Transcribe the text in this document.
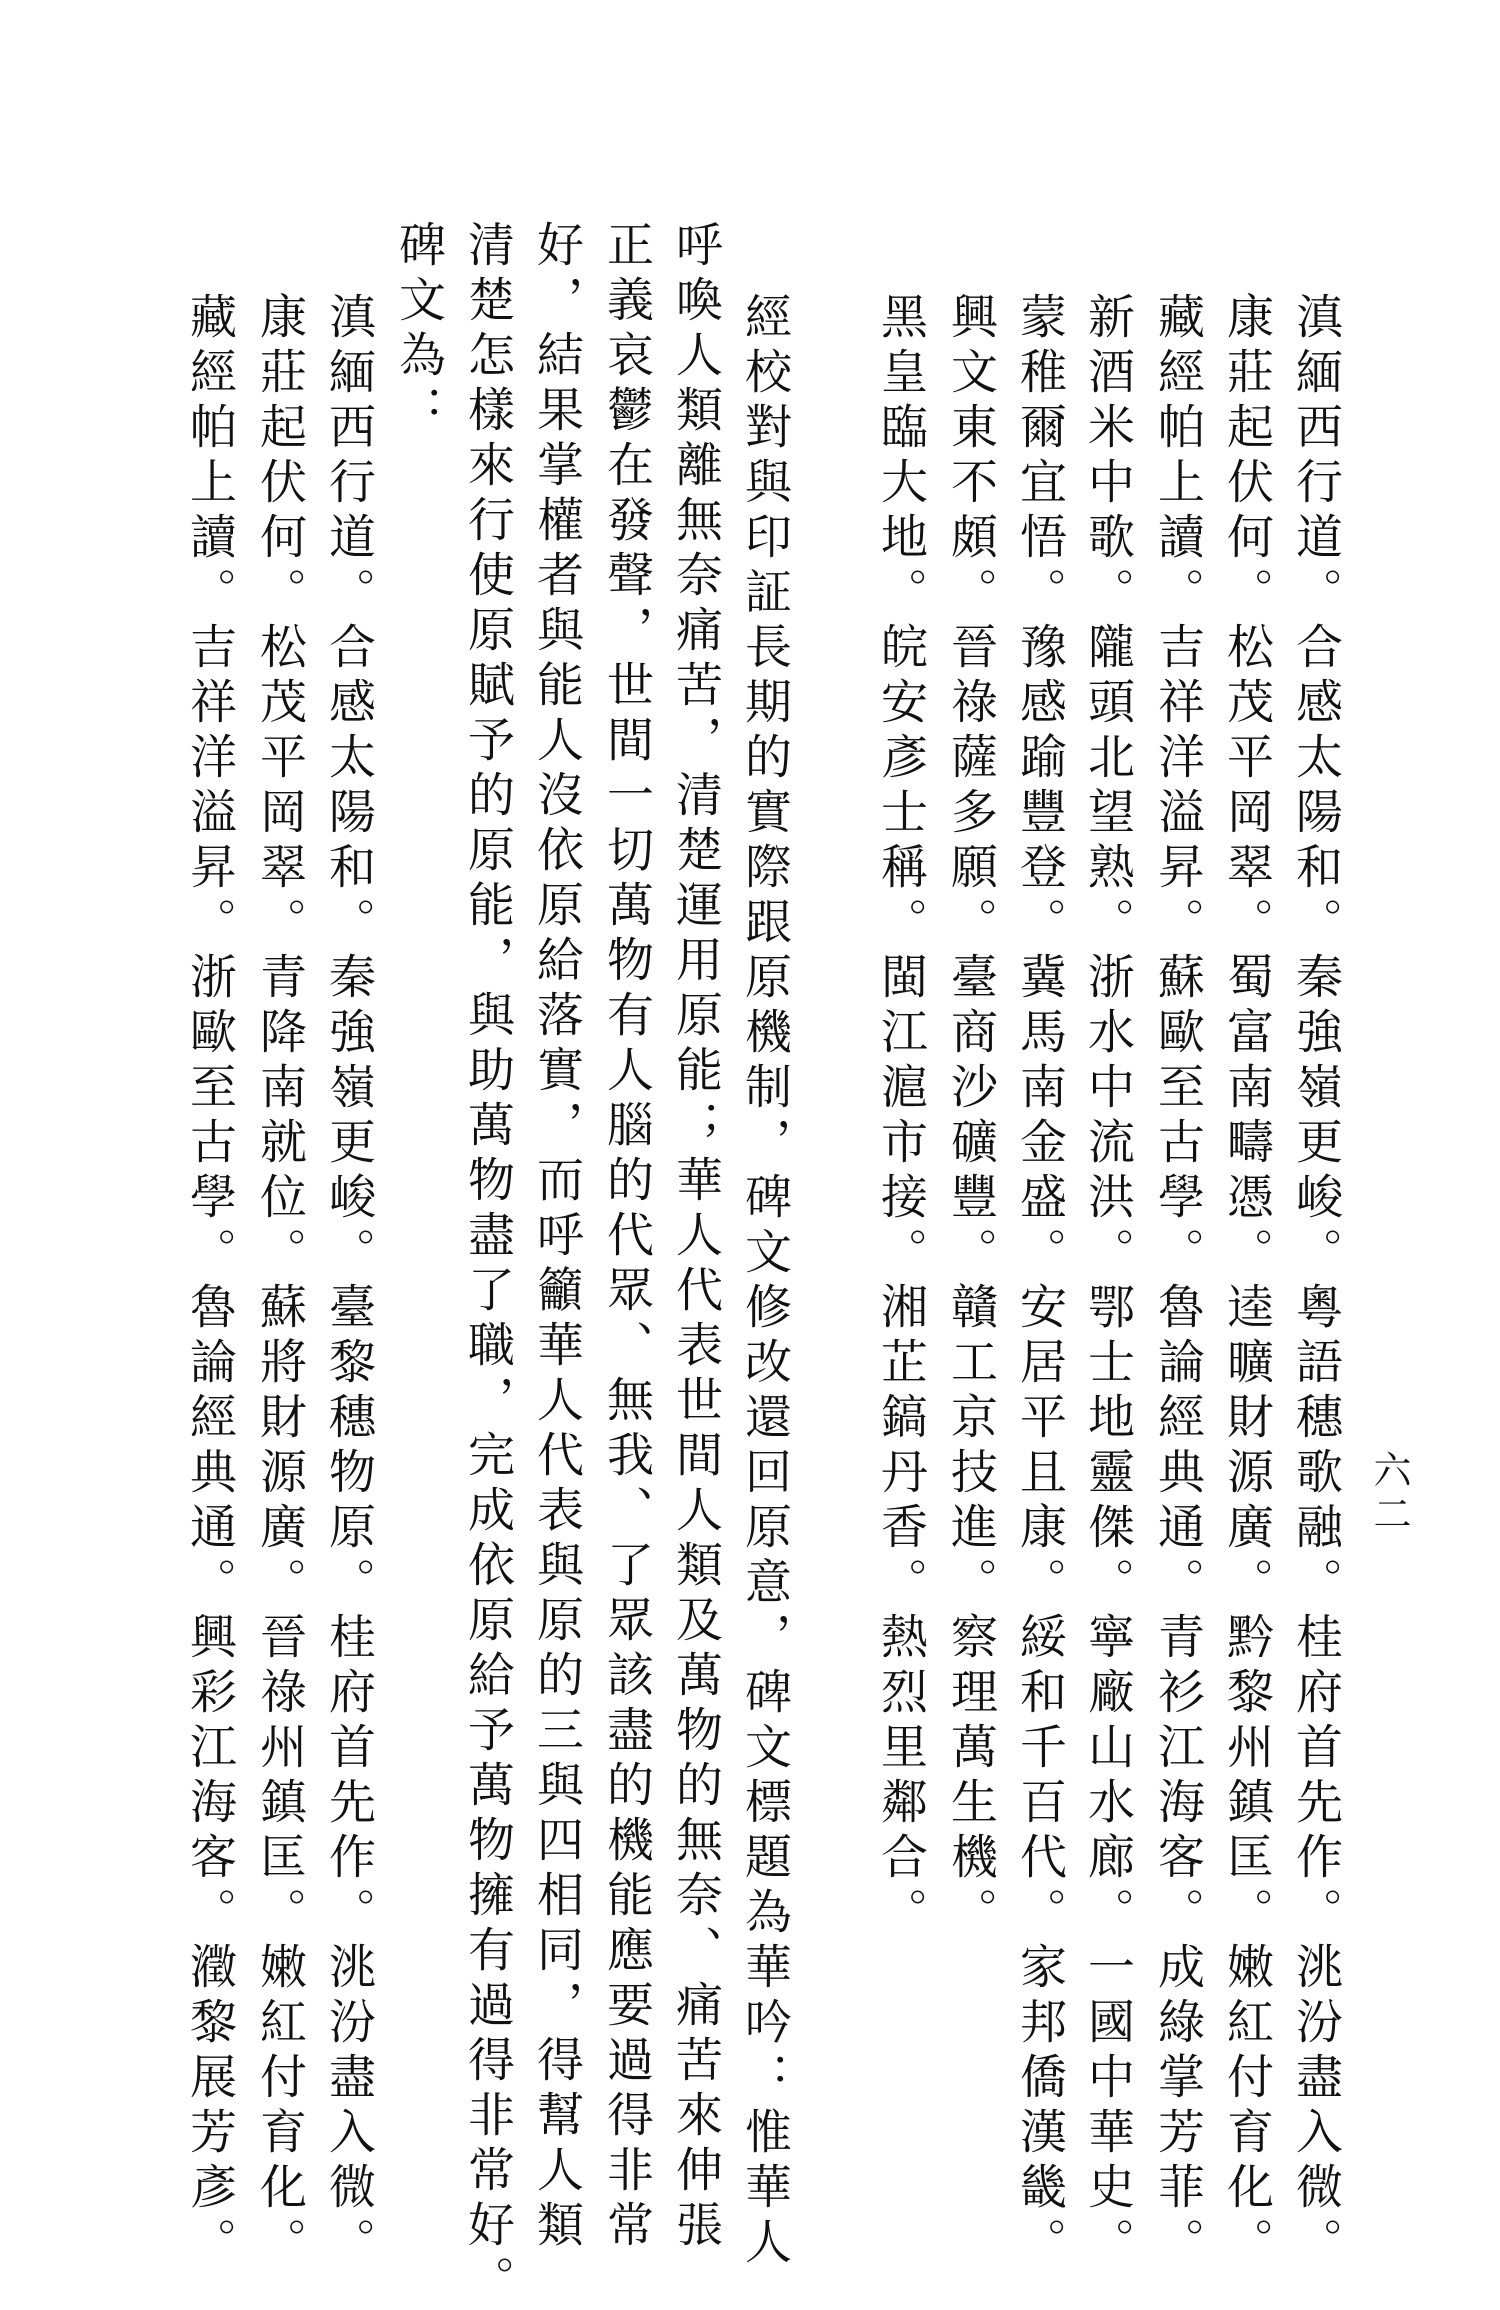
六二
滇緬西行道。合感太陽和。秦強嶺更峻。粵語穗歌融。桂府首先作。洮汾盡入微。
康莊起伏何。松茂平岡翠。蜀富南疇憑。逵曠財源廣。黔黎州鎮匡。嫩紅付育化。
藏經帕上讀。吉祥洋溢昇。蘇歐至古學。魯論經典通。青衫江海客。成綠掌芳菲。
新酒米中歌。隴頭北望熟。浙水中流洪。鄂士地靈傑。寧廠山水廊。一國中華史。
蒙稚爾宜悟。豫感踰豐登。冀馬南金盛。安居平且康。綏和千百代。家邦僑漢畿。
興文東不頗。晉祿薩多願。臺商沙礦豐。贛工京技進。察理萬生機。
黑皇臨大地。皖安彥士稱。閩江滬市接。湘芷鎬丹香。熱烈里鄰合。
經校對與印証長期的實際跟原機制，碑文修改還回原意，碑文標題為華吟：惟華人
呼喚人類離無奈痛苦，清楚運用原能；華人代表世間人類及萬物的無奈、痛苦來伸張
正義哀鬱在發聲，世間一切萬物有人腦的代眾、無我、了眾該盡的機能應要過得非常
好，結果掌權者與能人沒依原給落實，而呼籲華人代表與原的三與四相同，得幫人類
清楚怎樣來行使原賦予的原能，與助萬物盡了職，完成依原給予萬物擁有過得非常好。
碑文為：
滇緬西行道。合感太陽和。秦強嶺更峻。臺黎穗物原。桂府首先作。洮汾盡入微。
康莊起伏何。松茂平岡翠。青降南就位。蘇將財源廣。晉祿州鎮匡。嫩紅付育化。
藏經帕上讀。吉祥洋溢昇。浙歐至古學。魯論經典通。興彩江海客。瀓黎展芳彥。
